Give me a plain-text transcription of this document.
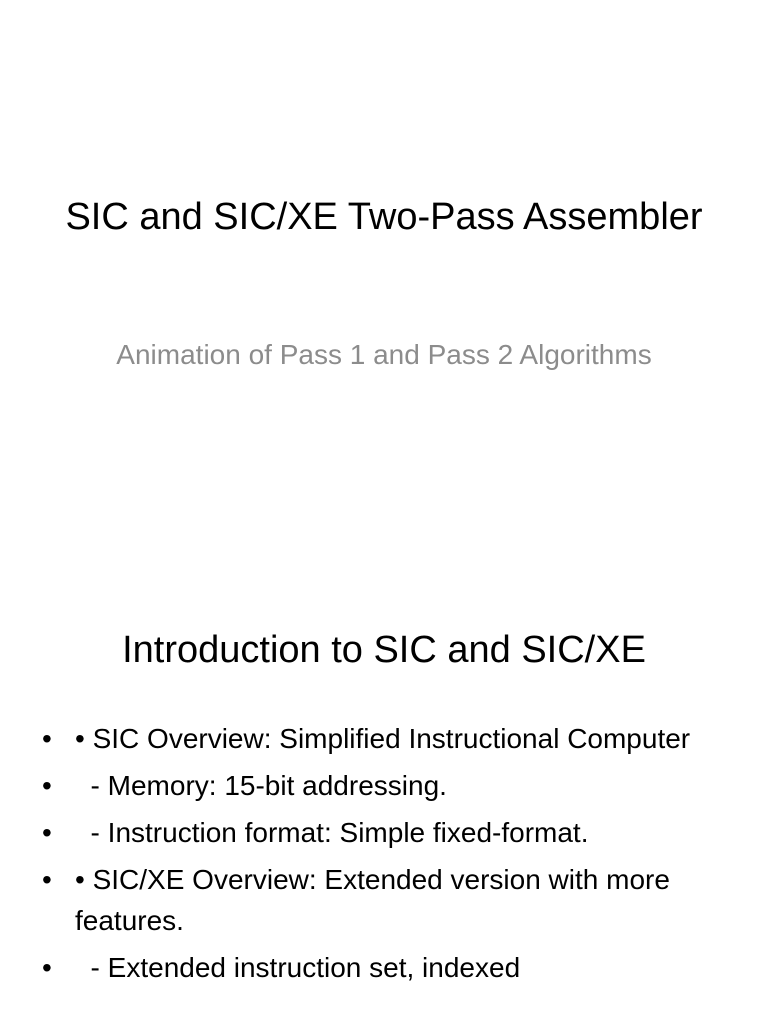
SIC and SIC/XE Two-Pass Assembler

Animation of Pass 1 and Pass 2 Algorithms

Introduction to SIC and SIC/XE
• • SIC Overview: Simplified Instructional Computer
• - Memory: 15-bit addressing.
• - Instruction format: Simple fixed-format.
• • SIC/XE Overview: Extended version with more features.
• - Extended instruction set, indexed
